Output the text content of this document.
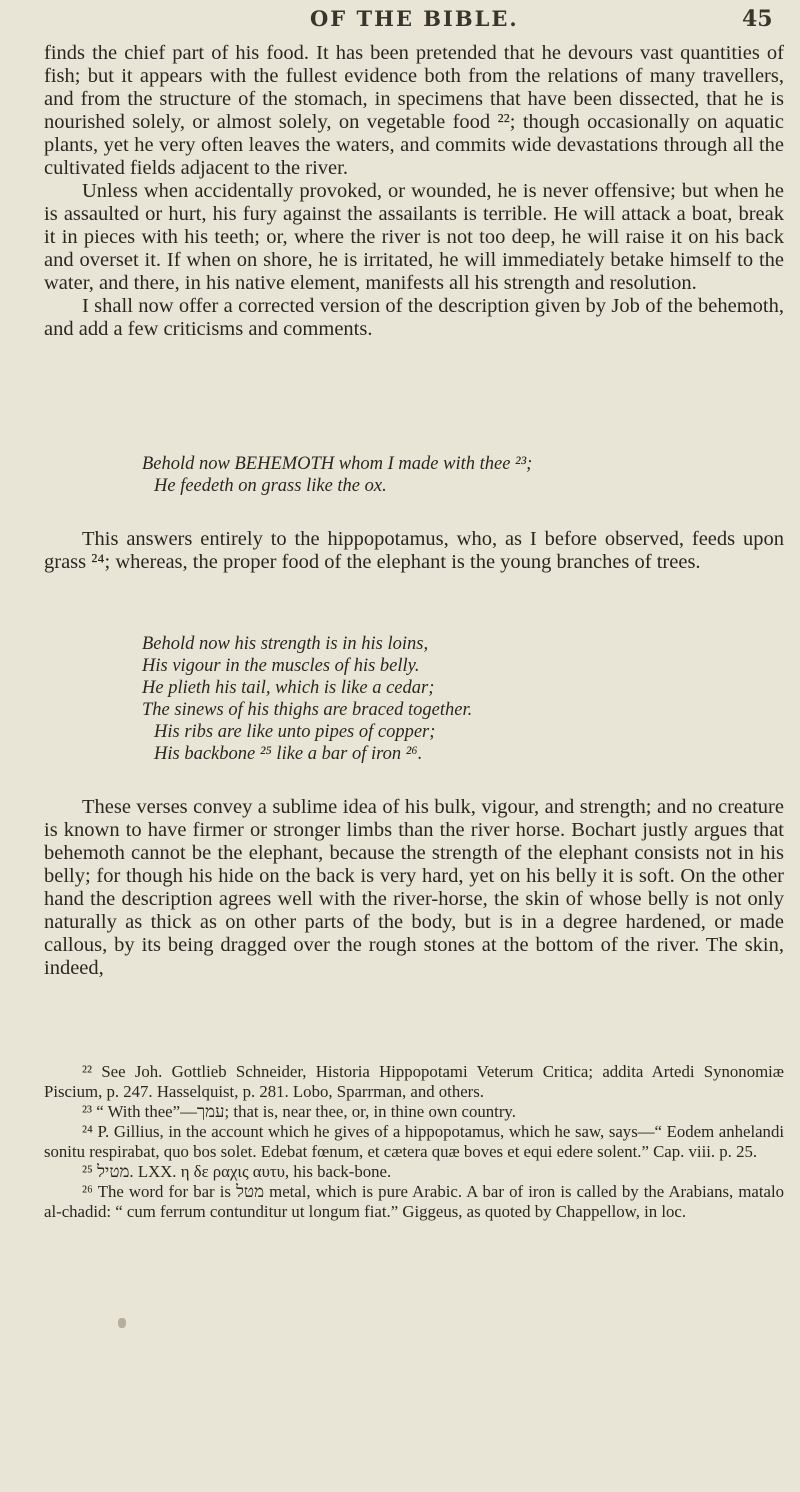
OF THE BIBLE.	45

finds the chief part of his food. It has been pretended that he devours vast quantities of fish; but it appears with the fullest evidence both from the relations of many travellers, and from the structure of the stomach, in specimens that have been dissected, that he is nourished solely, or almost solely, on vegetable food ²²; though occasionally on aquatic plants, yet he very often leaves the waters, and commits wide devastations through all the cultivated fields adjacent to the river.

Unless when accidentally provoked, or wounded, he is never offensive; but when he is assaulted or hurt, his fury against the assailants is terrible. He will attack a boat, break it in pieces with his teeth; or, where the river is not too deep, he will raise it on his back and overset it. If when on shore, he is irritated, he will immediately betake himself to the water, and there, in his native element, manifests all his strength and resolution.

I shall now offer a corrected version of the description given by Job of the behemoth, and add a few criticisms and comments.

Behold now BEHEMOTH whom I made with thee ²³;
He feedeth on grass like the ox.

This answers entirely to the hippopotamus, who, as I before observed, feeds upon grass ²⁴; whereas, the proper food of the elephant is the young branches of trees.

Behold now his strength is in his loins,
His vigour in the muscles of his belly.
He plieth his tail, which is like a cedar;
The sinews of his thighs are braced together.
His ribs are like unto pipes of copper;
His backbone ²⁵ like a bar of iron ²⁶.

These verses convey a sublime idea of his bulk, vigour, and strength; and no creature is known to have firmer or stronger limbs than the river horse. Bochart justly argues that behemoth cannot be the elephant, because the strength of the elephant consists not in his belly; for though his hide on the back is very hard, yet on his belly it is soft. On the other hand the description agrees well with the river-horse, the skin of whose belly is not only naturally as thick as on other parts of the body, but is in a degree hardened, or made callous, by its being dragged over the rough stones at the bottom of the river. The skin, indeed,

²² See Joh. Gottlieb Schneider, Historia Hippopotami Veterum Critica; addita Artedi Synonomiæ Piscium, p. 247. Hasselquist, p. 281. Lobo, Sparrman, and others.

²³ “ With thee”—עמך; that is, near thee, or, in thine own country.

²⁴ P. Gillius, in the account which he gives of a hippopotamus, which he saw, says—“ Eodem anhelandi sonitu respirabat, quo bos solet. Edebat fœnum, et cætera quæ boves et equi edere solent.” Cap. viii. p. 25.

²⁵ מטיל. LXX. η δε ραχις αυτυ, his back-bone.

²⁶ The word for bar is מטל metal, which is pure Arabic. A bar of iron is called by the Arabians, matalo al-chadid: “ cum ferrum contunditur ut longum fiat.” Giggeus, as quoted by Chappellow, in loc.
